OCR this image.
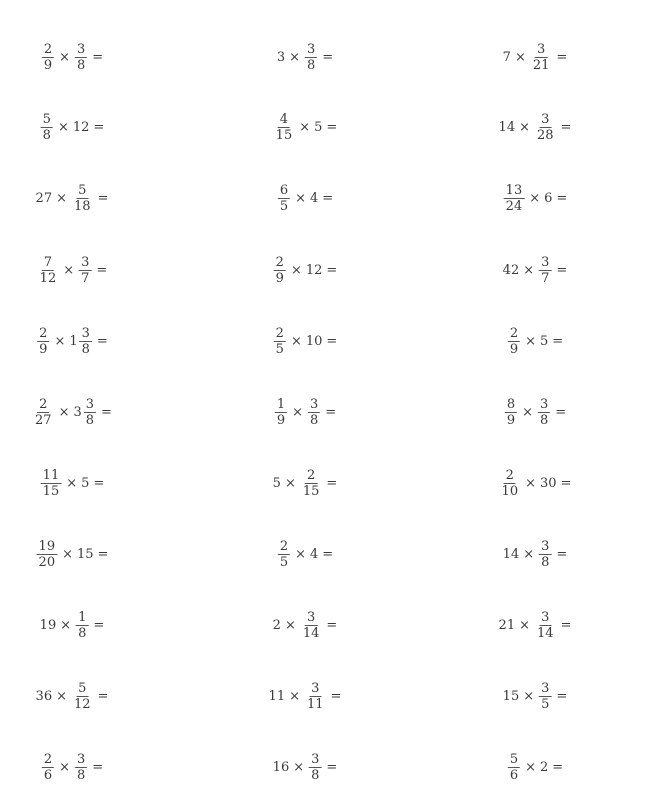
$\frac{2}{9} \times \frac{3}{8}$ =	$3 \times \frac{3}{8}$ =	$7 \times \frac{3}{21}$ =
$\frac{5}{8} \times 12$ =	$\frac{4}{15} \times 5$ =	$14 \times \frac{3}{28}$ =
$27 \times \frac{5}{18}$ =	$\frac{6}{5} \times 4$ =	$\frac{13}{24} \times 6$ =
$\frac{7}{12} \times \frac{3}{7}$ =	$\frac{2}{9} \times 12$ =	$42 \times \frac{3}{7}$ =
$\frac{2}{9} \times 1 \frac{3}{8}$ =	$\frac{2}{5} \times 10$ =	$\frac{2}{9} \times 5$ =
$\frac{2}{27} \times 3 \frac{3}{8}$ =	$\frac{1}{9} \times \frac{3}{8}$ =	$\frac{8}{9} \times \frac{3}{8}$ =
$\frac{11}{15} \times 5$ =	$5 \times \frac{2}{15}$ =	$\frac{2}{10} \times 30$ =
$\frac{19}{20} \times 15$ =	$\frac{2}{5} \times 4$ =	$14 \times \frac{3}{8}$ =
$19 \times \frac{1}{8}$ =	$2 \times \frac{3}{14}$ =	$21 \times \frac{3}{14}$ =
$36 \times \frac{5}{12}$ =	$11 \times \frac{3}{11}$ =	$15 \times \frac{3}{5}$ =
$\frac{2}{6} \times \frac{3}{8}$ =	$16 \times \frac{3}{8}$ =	$\frac{5}{6} \times 2$ =
